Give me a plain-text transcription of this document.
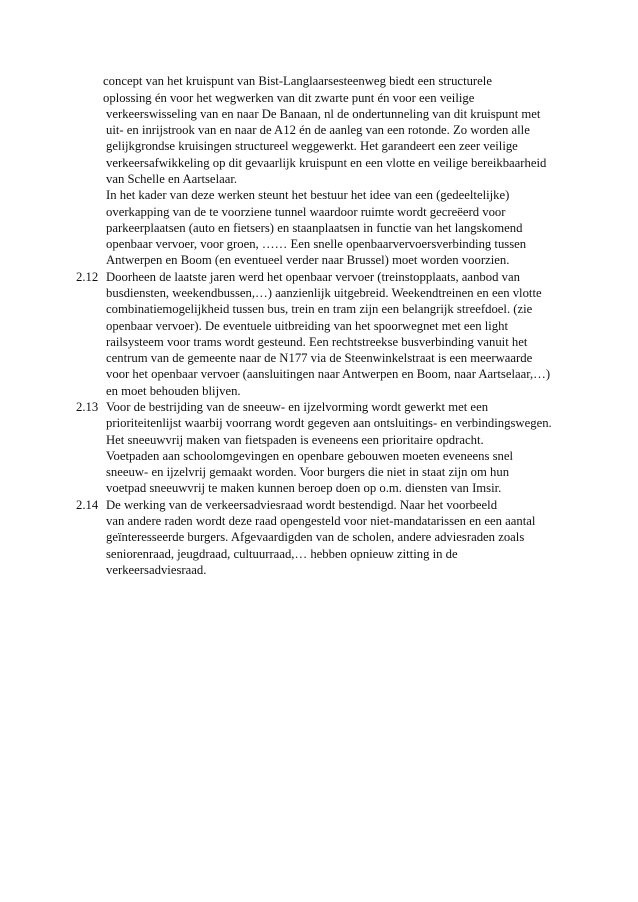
concept van het kruispunt van Bist-Langlaarsesteenweg biedt een structurele
oplossing én voor het wegwerken van dit zwarte punt én voor een veilige
verkeerswisseling van en naar De Banaan, nl de ondertunneling van dit kruispunt met
uit- en inrijstrook van en naar de A12 én de aanleg van een rotonde. Zo worden alle
gelijkgrondse kruisingen structureel weggewerkt. Het garandeert een zeer veilige
verkeersafwikkeling op dit gevaarlijk kruispunt en een vlotte en veilige bereikbaarheid
van Schelle en Aartselaar.
In het kader van deze werken steunt het bestuur het idee van een (gedeeltelijke)
overkapping van de te voorziene tunnel waardoor ruimte wordt gecreëerd voor
parkeerplaatsen (auto en fietsers) en staanplaatsen in functie van het langskomend
openbaar vervoer, voor groen, …… Een snelle openbaarvervoersverbinding tussen
Antwerpen en Boom (en eventueel verder naar Brussel) moet worden voorzien.
2.12 Doorheen de laatste jaren werd het openbaar vervoer (treinstopplaats, aanbod van
busdiensten, weekendbussen,…) aanzienlijk uitgebreid. Weekendtreinen en een vlotte
combinatiemogelijkheid tussen bus, trein en tram zijn een belangrijk streefdoel. (zie
openbaar vervoer). De eventuele uitbreiding van het spoorwegnet met een light
railsysteem voor trams wordt gesteund. Een rechtstreekse busverbinding vanuit het
centrum van de gemeente naar de N177 via de Steenwinkelstraat is een meerwaarde
voor het openbaar vervoer (aansluitingen naar Antwerpen en Boom, naar Aartselaar,…)
en moet behouden blijven.
2.13 Voor de bestrijding van de sneeuw- en ijzelvorming wordt gewerkt met een
prioriteitenlijst waarbij voorrang wordt gegeven aan ontsluitings- en verbindingswegen.
Het sneeuwvrij maken van fietspaden is eveneens een prioritaire opdracht.
Voetpaden aan schoolomgevingen en openbare gebouwen moeten eveneens snel
sneeuw- en ijzelvrij gemaakt worden. Voor burgers die niet in staat zijn om hun
voetpad sneeuwvrij te maken kunnen beroep doen op o.m. diensten van Imsir.
2.14 De werking van de verkeersadviesraad wordt bestendigd. Naar het voorbeeld
van andere raden wordt deze raad opengesteld voor niet-mandatarissen en een aantal
geïnteresseerde burgers. Afgevaardigden van de scholen, andere adviesraden zoals
seniorenraad, jeugdraad, cultuurraad,… hebben opnieuw zitting in de
verkeersadviesraad.
